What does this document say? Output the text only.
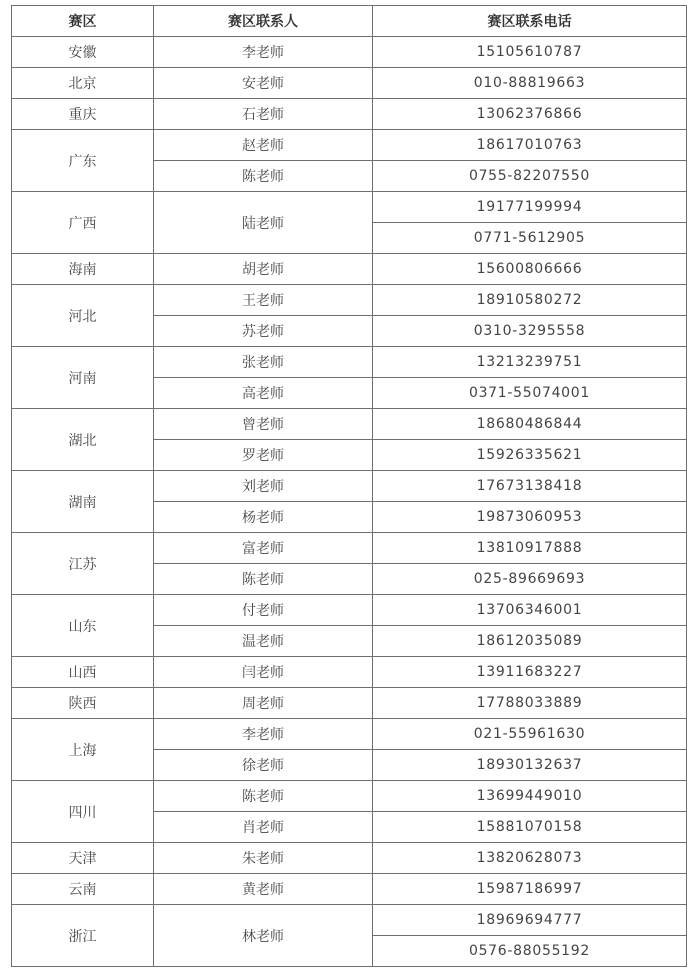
赛区	赛区联系人	赛区联系电话
安徽	李老师	15105610787
北京	安老师	010-88819663
重庆	石老师	13062376866
广东	赵老师	18617010763
	陈老师	0755-82207550
广西	陆老师	19177199994
		0771-5612905
海南	胡老师	15600806666
河北	王老师	18910580272
	苏老师	0310-3295558
河南	张老师	13213239751
	高老师	0371-55074001
湖北	曾老师	18680486844
	罗老师	15926335621
湖南	刘老师	17673138418
	杨老师	19873060953
江苏	富老师	13810917888
	陈老师	025-89669693
山东	付老师	13706346001
	温老师	18612035089
山西	闫老师	13911683227
陕西	周老师	17788033889
上海	李老师	021-55961630
	徐老师	18930132637
四川	陈老师	13699449010
	肖老师	15881070158
天津	朱老师	13820628073
云南	黄老师	15987186997
浙江	林老师	18969694777
		0576-88055192
